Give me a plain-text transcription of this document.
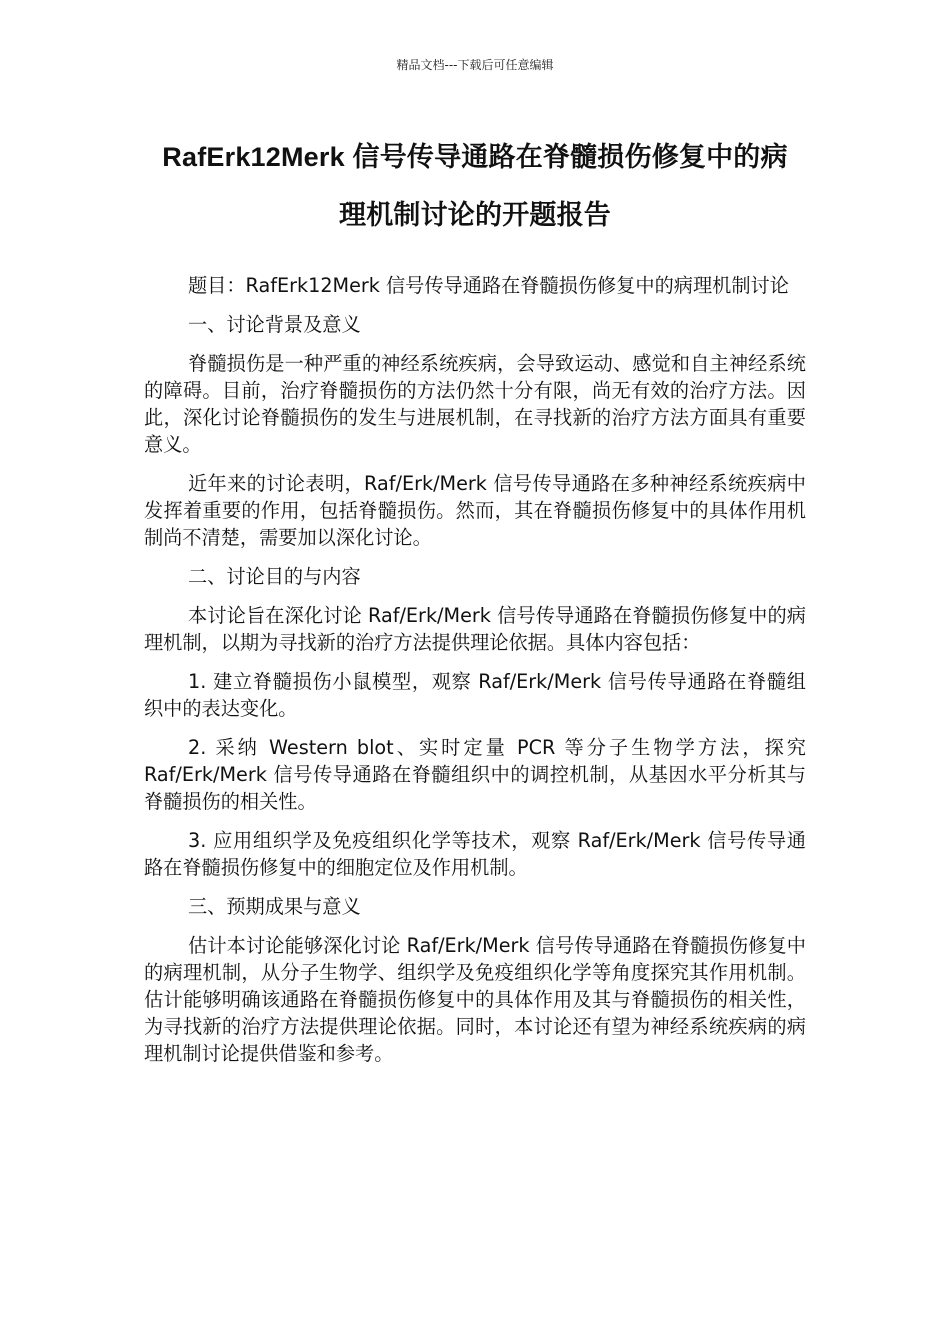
精品文档---下载后可任意编辑
RafErk12Merk 信号传导通路在脊髓损伤修复中的病
理机制讨论的开题报告

题目：RafErk12Merk 信号传导通路在脊髓损伤修复中的病理机制讨论

一、讨论背景及意义

脊髓损伤是一种严重的神经系统疾病，会导致运动、感觉和自主神经系统的障碍。目前，治疗脊髓损伤的方法仍然十分有限，尚无有效的治疗方法。因此，深化讨论脊髓损伤的发生与进展机制，在寻找新的治疗方法方面具有重要意义。

近年来的讨论表明，Raf/Erk/Merk 信号传导通路在多种神经系统疾病中发挥着重要的作用，包括脊髓损伤。然而，其在脊髓损伤修复中的具体作用机制尚不清楚，需要加以深化讨论。

二、讨论目的与内容

本讨论旨在深化讨论 Raf/Erk/Merk 信号传导通路在脊髓损伤修复中的病理机制，以期为寻找新的治疗方法提供理论依据。具体内容包括：

1. 建立脊髓损伤小鼠模型，观察 Raf/Erk/Merk 信号传导通路在脊髓组织中的表达变化。

2. 采纳 Western blot、实时定量 PCR 等分子生物学方法，探究 Raf/Erk/Merk 信号传导通路在脊髓组织中的调控机制，从基因水平分析其与脊髓损伤的相关性。

3. 应用组织学及免疫组织化学等技术，观察 Raf/Erk/Merk 信号传导通路在脊髓损伤修复中的细胞定位及作用机制。

三、预期成果与意义

估计本讨论能够深化讨论 Raf/Erk/Merk 信号传导通路在脊髓损伤修复中的病理机制，从分子生物学、组织学及免疫组织化学等角度探究其作用机制。估计能够明确该通路在脊髓损伤修复中的具体作用及其与脊髓损伤的相关性，为寻找新的治疗方法提供理论依据。同时，本讨论还有望为神经系统疾病的病理机制讨论提供借鉴和参考。
